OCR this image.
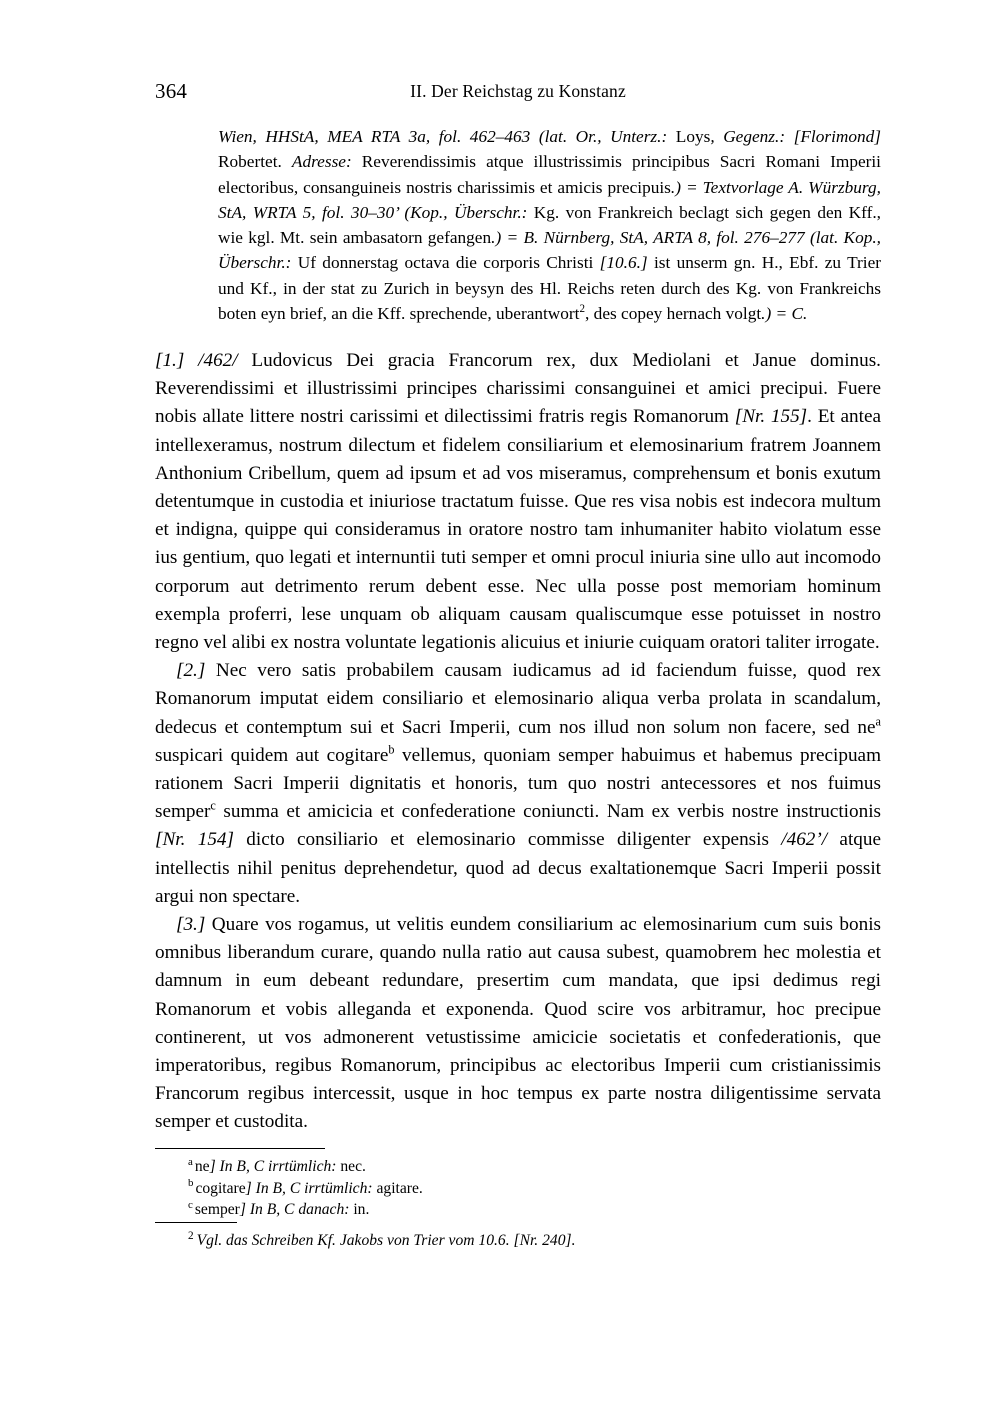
364	II. Der Reichstag zu Konstanz
Wien, HHStA, MEA RTA 3a, fol. 462–463 (lat. Or., Unterz.: Loys, Gegenz.: [Florimond] Robertet. Adresse: Reverendissimis atque illustrissimis principibus Sacri Romani Imperii electoribus, consanguineis nostris charissimis et amicis precipuis.) = Textvorlage A. Würzburg, StA, WRTA 5, fol. 30–30’ (Kop., Überschr.: Kg. von Frankreich beclagt sich gegen den Kff., wie kgl. Mt. sein ambasatorn gefangen.) = B. Nürnberg, StA, ARTA 8, fol. 276–277 (lat. Kop., Überschr.: Uf donnerstag octava die corporis Christi [10.6.] ist unserm gn. H., Ebf. zu Trier und Kf., in der stat zu Zurich in beysyn des Hl. Reichs reten durch des Kg. von Frankreichs boten eyn brief, an die Kff. sprechende, uberantwort$^2$, des copey hernach volgt.) = C.

[1.] /462/ Ludovicus Dei gracia Francorum rex, dux Mediolani et Janue dominus. Reverendissimi et illustrissimi principes charissimi consanguinei et amici precipui. Fuere nobis allate littere nostri carissimi et dilectissimi fratris regis Romanorum [Nr. 155]. Et antea intellexeramus, nostrum dilectum et fidelem consiliarium et elemosinarium fratrem Joannem Anthonium Cribellum, quem ad ipsum et ad vos miseramus, comprehensum et bonis exutum detentumque in custodia et iniuriose tractatum fuisse. Que res visa nobis est indecora multum et indigna, quippe qui consideramus in oratore nostro tam inhumaniter habito violatum esse ius gentium, quo legati et internuntii tuti semper et omni procul iniuria sine ullo aut incomodo corporum aut detrimento rerum debent esse. Nec ulla posse post memoriam hominum exempla proferri, lese unquam ob aliquam causam qualiscumque esse potuisset in nostro regno vel alibi ex nostra voluntate legationis alicuius et iniurie cuiquam oratori taliter irrogate.

[2.] Nec vero satis probabilem causam iudicamus ad id faciendum fuisse, quod rex Romanorum imputat eidem consiliario et elemosinario aliqua verba prolata in scandalum, dedecus et contemptum sui et Sacri Imperii, cum nos illud non solum non facere, sed $ne^a$ suspicari quidem aut cogitare$^b$ vellemus, quoniam semper habuimus et habemus precipuam rationem Sacri Imperii dignitatis et honoris, tum quo nostri antecessores et nos fuimus semper$^c$ summa et amicicia et confederatione coniuncti. Nam ex verbis nostre instructionis [Nr. 154] dicto consiliario et elemosinario commisse diligenter expensis /462’/ atque intellectis nihil penitus deprehendetur, quod ad decus exaltationemque Sacri Imperii possit argui non spectare.

[3.] Quare vos rogamus, ut velitis eundem consiliarium ac elemosinarium cum suis bonis omnibus liberandum curare, quando nulla ratio aut causa subest, quamobrem hec molestia et damnum in eum debeant redundare, presertim cum mandata, que ipsi dedimus regi Romanorum et vobis alleganda et exponenda. Quod scire vos arbitramur, hoc precipue continerent, ut vos admonerent vetustissime amicicie societatis et confederationis, que imperatoribus, regibus Romanorum, principibus ac electoribus Imperii cum cristianissimis Francorum regibus intercessit, usque in hoc tempus ex parte nostra diligentissime servata semper et custodita.

$^a$ ne] In B, C irrtümlich: nec.
$^b$ cogitare] In B, C irrtümlich: agitare.
$^c$ semper] In B, C danach: in.
$^2$ Vgl. das Schreiben Kf. Jakobs von Trier vom 10.6. [Nr. 240].
